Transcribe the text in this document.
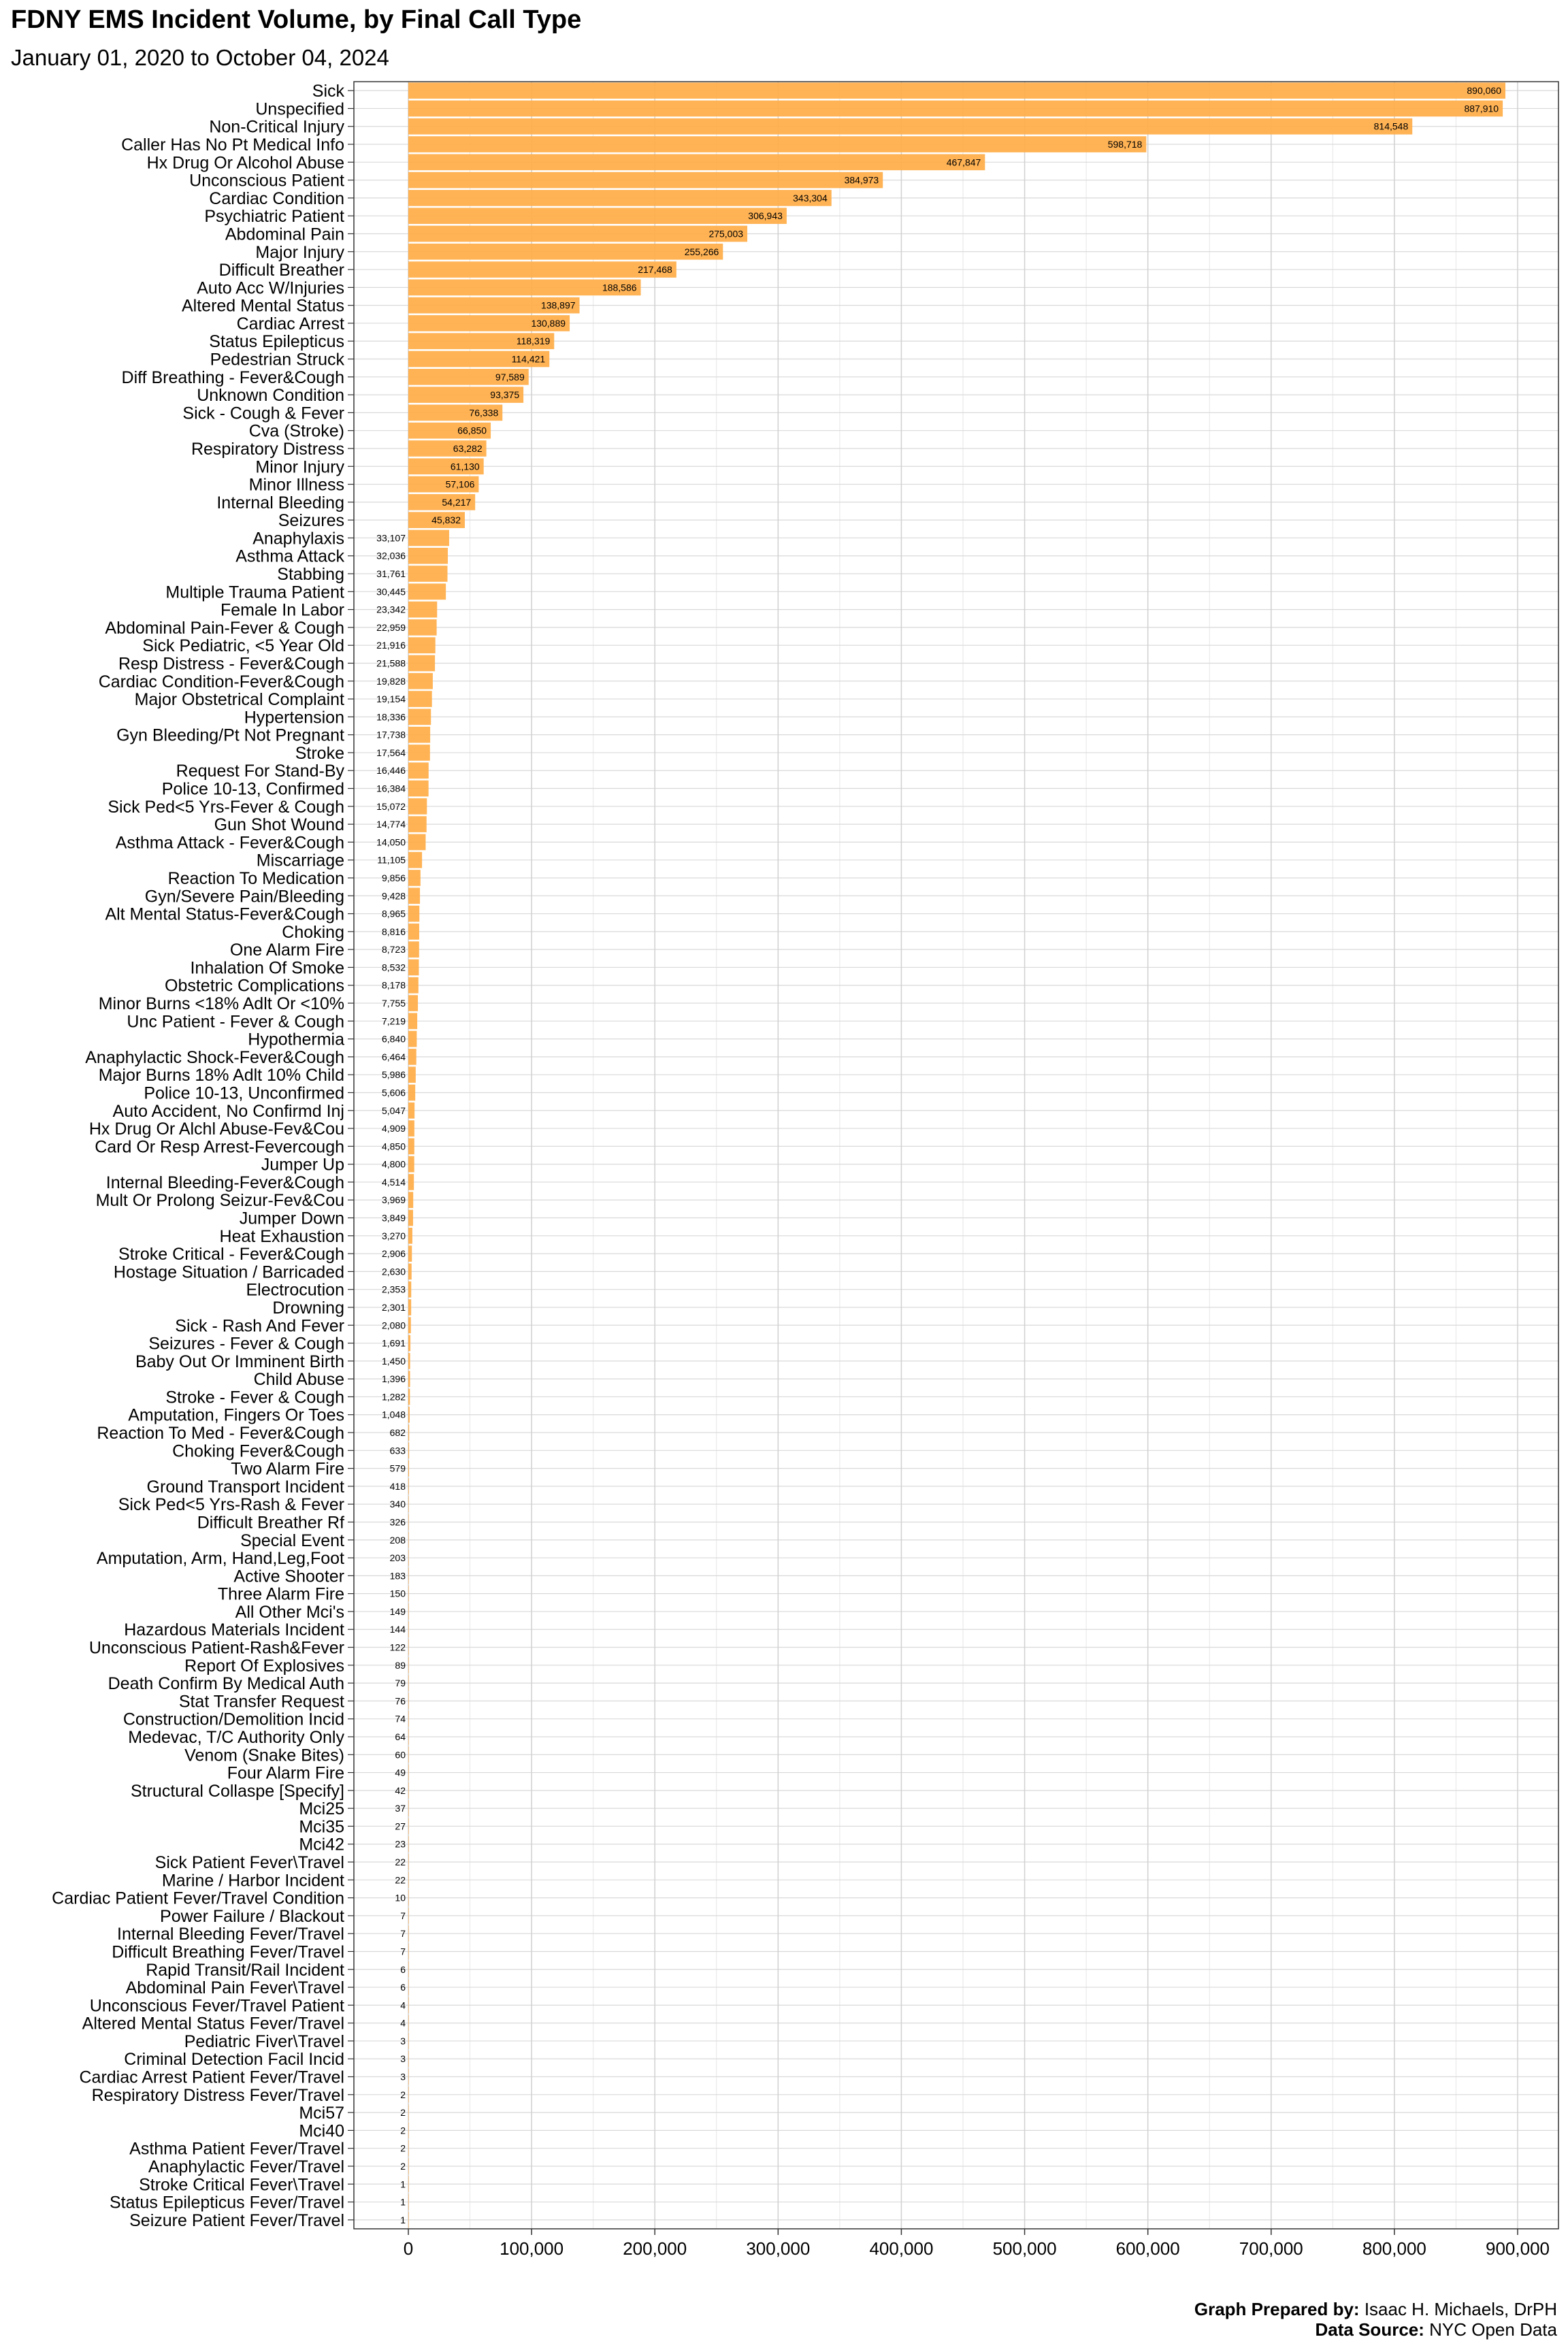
FDNY EMS Incident Volume, by Final Call Type
January 01, 2020 to October 04, 2024
890,060
887,910
814,548
598,718
467,847
384,973
343,304
306,943
275,003
255,266
217,468
188,586
138,897
130,889
118,319
114,421
97,589
93,375
76,338
66,850
63,282
61,130
57,106
54,217
45,832
33,107
32,036
31,761
30,445
23,342
22,959
21,916
21,588
19,828
19,154
18,336
17,738
17,564
16,446
16,384
15,072
14,774
14,050
11,105
9,856
9,428
8,965
8,816
8,723
8,532
8,178
7,755
7,219
6,840
6,464
5,986
5,606
5,047
4,909
4,850
4,800
4,514
3,969
3,849
3,270
2,906
2,630
2,353
2,301
2,080
1,691
1,450
1,396
1,282
1,048
682
633
579
418
340
326
208
203
183
150
149
144
122
89
79
76
74
64
60
49
42
37
27
23
22
22
10
7
7
7
6
6
4
4
3
3
3
2
2
2
2
2
1
1
1
Sick
Unspecified
Non-Critical Injury
Caller Has No Pt Medical Info
Hx Drug Or Alcohol Abuse
Unconscious Patient
Cardiac Condition
Psychiatric Patient
Abdominal Pain
Major Injury
Difficult Breather
Auto Acc W/Injuries
Altered Mental Status
Cardiac Arrest
Status Epilepticus
Pedestrian Struck
Diff Breathing - Fever&Cough
Unknown Condition
Sick - Cough & Fever
Cva (Stroke)
Respiratory Distress
Minor Injury
Minor Illness
Internal Bleeding
Seizures
Anaphylaxis
Asthma Attack
Stabbing
Multiple Trauma Patient
Female In Labor
Abdominal Pain-Fever & Cough
Sick Pediatric, <5 Year Old
Resp Distress - Fever&Cough
Cardiac Condition-Fever&Cough
Major Obstetrical Complaint
Hypertension
Gyn Bleeding/Pt Not Pregnant
Stroke
Request For Stand-By
Police 10-13, Confirmed
Sick Ped<5 Yrs-Fever & Cough
Gun Shot Wound
Asthma Attack - Fever&Cough
Miscarriage
Reaction To Medication
Gyn/Severe Pain/Bleeding
Alt Mental Status-Fever&Cough
Choking
One Alarm Fire
Inhalation Of Smoke
Obstetric Complications
Minor Burns <18% Adlt Or <10%
Unc Patient - Fever & Cough
Hypothermia
Anaphylactic Shock-Fever&Cough
Major Burns 18% Adlt 10% Child
Police 10-13, Unconfirmed
Auto Accident, No Confirmd Inj
Hx Drug Or Alchl Abuse-Fev&Cou
Card Or Resp Arrest-Fevercough
Jumper Up
Internal Bleeding-Fever&Cough
Mult Or Prolong Seizur-Fev&Cou
Jumper Down
Heat Exhaustion
Stroke Critical - Fever&Cough
Hostage Situation / Barricaded
Electrocution
Drowning
Sick - Rash And Fever
Seizures - Fever & Cough
Baby Out Or Imminent Birth
Child Abuse
Stroke - Fever & Cough
Amputation, Fingers Or Toes
Reaction To Med - Fever&Cough
Choking Fever&Cough
Two Alarm Fire
Ground Transport Incident
Sick Ped<5 Yrs-Rash & Fever
Difficult Breather Rf
Special Event
Amputation, Arm, Hand,Leg,Foot
Active Shooter
Three Alarm Fire
All Other Mci's
Hazardous Materials Incident
Unconscious Patient-Rash&Fever
Report Of Explosives
Death Confirm By Medical Auth
Stat Transfer Request
Construction/Demolition Incid
Medevac, T/C Authority Only
Venom (Snake Bites)
Four Alarm Fire
Structural Collaspe [Specify]
Mci25
Mci35
Mci42
Sick Patient Fever\Travel
Marine / Harbor Incident
Cardiac Patient Fever/Travel Condition
Power Failure / Blackout
Internal Bleeding Fever/Travel
Difficult Breathing Fever/Travel
Rapid Transit/Rail Incident
Abdominal Pain Fever\Travel
Unconscious Fever/Travel Patient
Altered Mental Status Fever/Travel
Pediatric Fiver\Travel
Criminal Detection Facil Incid
Cardiac Arrest Patient Fever/Travel
Respiratory Distress Fever/Travel
Mci57
Mci40
Asthma Patient Fever/Travel
Anaphylactic Fever/Travel
Stroke Critical Fever\Travel
Status Epilepticus Fever/Travel
Seizure Patient Fever/Travel
0	100,000	200,000	300,000	400,000	500,000	600,000	700,000	800,000	900,000
Graph Prepared by: Isaac H. Michaels, DrPH
Data Source: NYC Open Data
